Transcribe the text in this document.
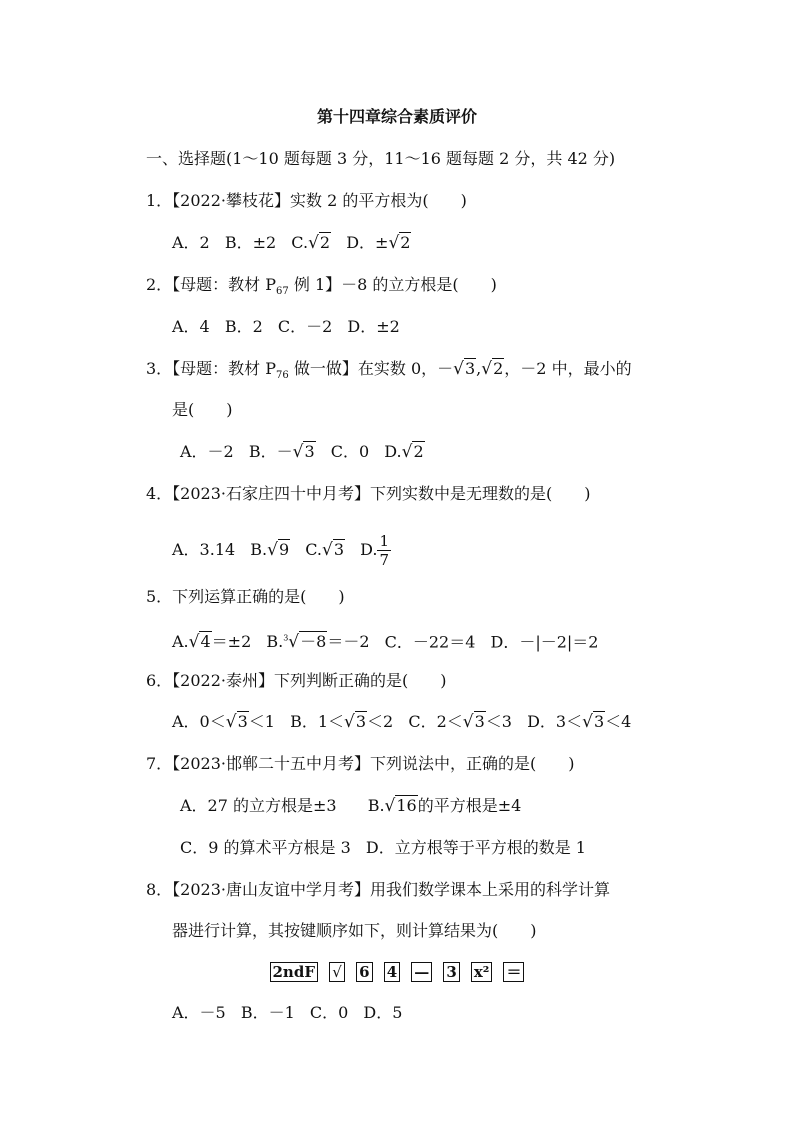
第十四章综合素质评价
一、选择题(1～10 题每题 3 分，11～16 题每题 2 分，共 42 分)
1．【2022·攀枝花】实数 2 的平方根为(　　)
A．2 B．±2 C.√2 D．±√2
2．【母题：教材 $P_{67}$ 例 1】－8 的立方根是(　　)
A．4 B．2 C．－2 D．±2
3．【母题：教材 $P_{76}$ 做一做】在实数 0，－√3,√2，－2 中，最小的
是(　　)
A．－2 B．－√3 C．0 D.√2
4．【2023·石家庄四十中月考】下列实数中是无理数的是(　　)
A．3.14 B.√9 C.√3 D. $\frac{1}{7}$
5．下列运算正确的是(　　)
A.√4＝±2 B.$^3$√－8＝－2 C．－22＝4 D．－|－2|＝2
6．【2022·泰州】下列判断正确的是(　　)
A．0＜√3＜1 B．1＜√3＜2 C．2＜√3＜3 D．3＜√3＜4
7．【2023·邯郸二十五中月考】下列说法中，正确的是(　　)
A．27 的立方根是±3 B.√16的平方根是±4
C．9 的算术平方根是 3 D．立方根等于平方根的数是 1
8．【2023·唐山友谊中学月考】用我们数学课本上采用的科学计算
器进行计算，其按键顺序如下，则计算结果为(　　)
2ndF √ 6 4 — 3 x² ＝
A．－5 B．－1 C．0 D．5
